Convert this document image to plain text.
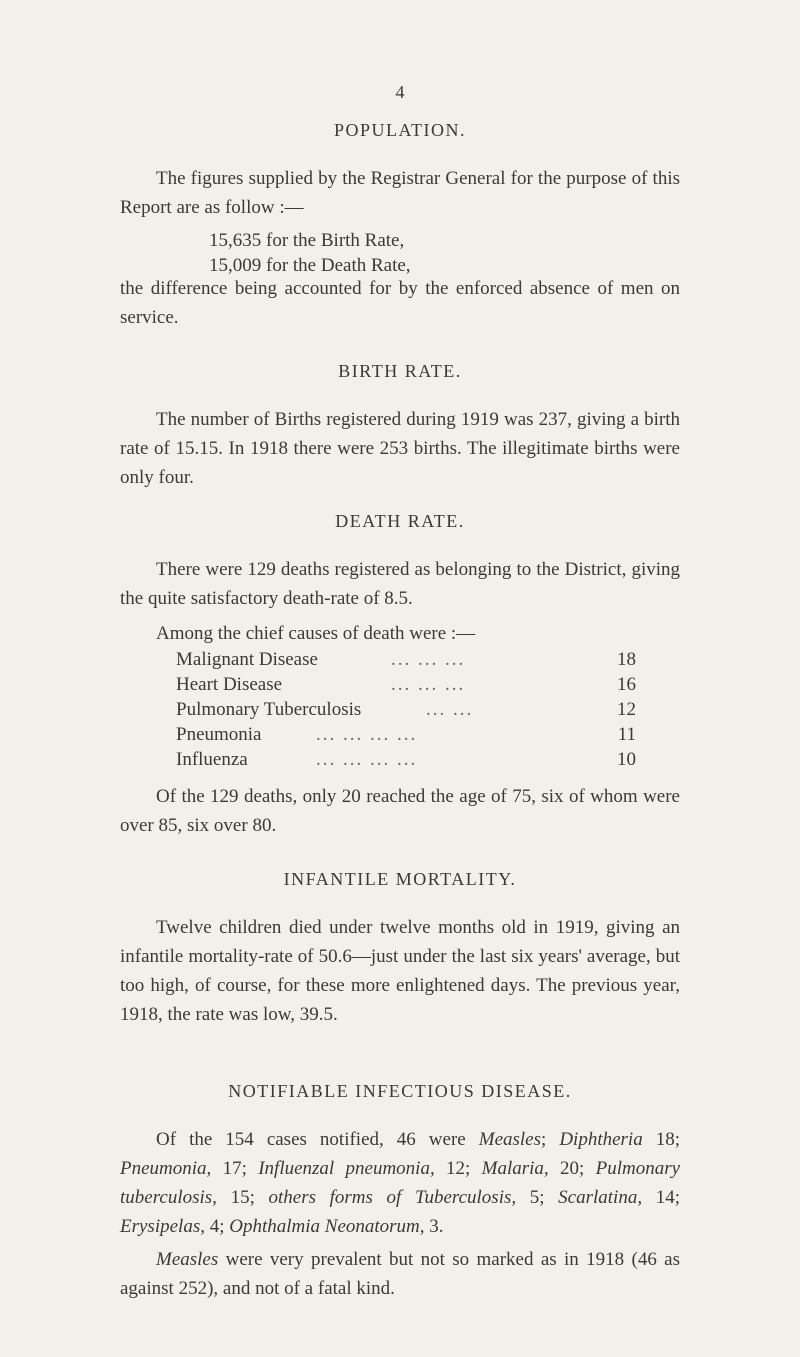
4
POPULATION.
The figures supplied by the Registrar General for the purpose of this Report are as follow :—
15,635 for the Birth Rate,
15,009 for the Death Rate,
the difference being accounted for by the enforced absence of men on service.
BIRTH RATE.
The number of Births registered during 1919 was 237, giving a birth rate of 15.15. In 1918 there were 253 births. The illegitimate births were only four.
DEATH RATE.
There were 129 deaths registered as belonging to the District, giving the quite satisfactory death-rate of 8.5.
Among the chief causes of death were :—
Malignant Disease	... ... ...	18
Heart Disease	... ... ...	16
Pulmonary Tuberculosis	... ...	12
Pneumonia	... ... ... ...	11
Influenza	... ... ... ...	10
Of the 129 deaths, only 20 reached the age of 75, six of whom were over 85, six over 80.
INFANTILE MORTALITY.
Twelve children died under twelve months old in 1919, giving an infantile mortality-rate of 50.6—just under the last six years' average, but too high, of course, for these more enlightened days. The previous year, 1918, the rate was low, 39.5.
NOTIFIABLE INFECTIOUS DISEASE.
Of the 154 cases notified, 46 were Measles; Diphtheria 18; Pneumonia, 17; Influenzal pneumonia, 12; Malaria, 20; Pulmonary tuberculosis, 15; others forms of Tuberculosis, 5; Scarlatina, 14; Erysipelas, 4; Ophthalmia Neonatorum, 3.
Measles were very prevalent but not so marked as in 1918 (46 as against 252), and not of a fatal kind.
